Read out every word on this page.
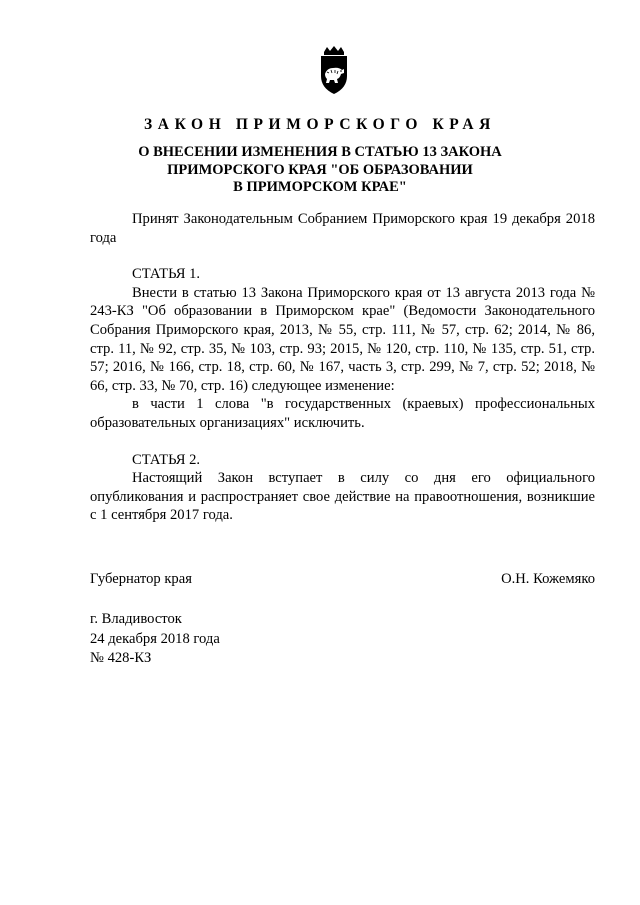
ЗАКОН ПРИМОРСКОГО КРАЯ
О ВНЕСЕНИИ ИЗМЕНЕНИЯ В СТАТЬЮ 13 ЗАКОНА
ПРИМОРСКОГО КРАЯ "ОБ ОБРАЗОВАНИИ
В ПРИМОРСКОМ КРАЕ"

Принят Законодательным Собранием Приморского края 19 декабря 2018 года

СТАТЬЯ 1.

Внести в статью 13 Закона Приморского края от 13 августа 2013 года № 243-КЗ "Об образовании в Приморском крае" (Ведомости Законодательного Собрания Приморского края, 2013, № 55, стр. 111, № 57, стр. 62; 2014, № 86, стр. 11, № 92, стр. 35, № 103, стр. 93; 2015, № 120, стр. 110, № 135, стр. 51, стр. 57; 2016, № 166, стр. 18, стр. 60, № 167, часть 3, стр. 299, № 7, стр. 52; 2018, № 66, стр. 33, № 70, стр. 16) следующее изменение:

в части 1 слова "в государственных (краевых) профессиональных образовательных организациях" исключить.

СТАТЬЯ 2.

Настоящий Закон вступает в силу со дня его официального опубликования и распространяет свое действие на правоотношения, возникшие с 1 сентября 2017 года.

Губернатор края	О.Н. Кожемяко
г. Владивосток
24 декабря 2018 года
№ 428-КЗ
